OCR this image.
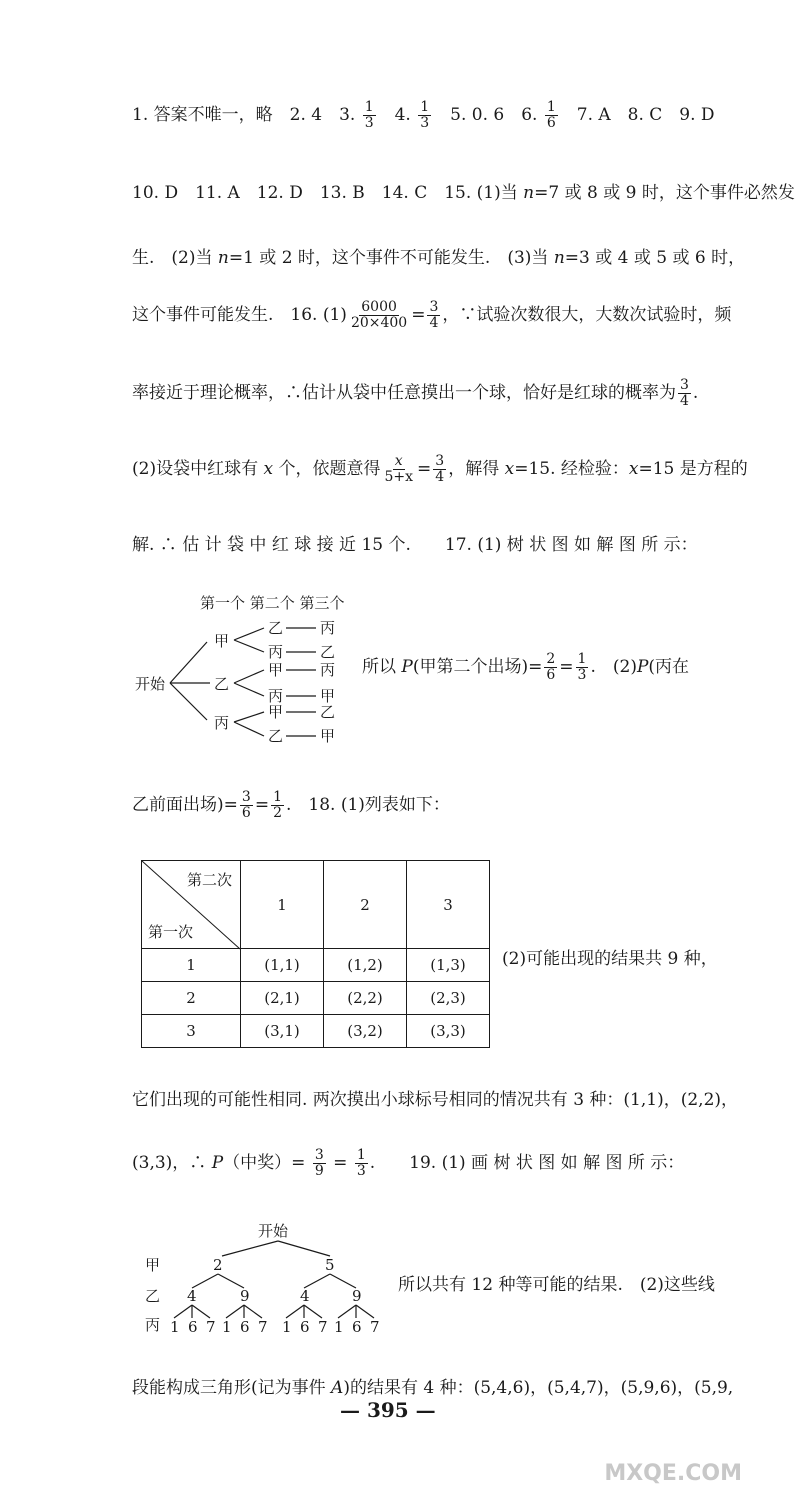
1. 答案不唯一，略　2. 4　3. $\frac{1}{3}$ 　4. $\frac{1}{3}$ 　5. 0. 6　6. $\frac{1}{6}$ 　7. A　8. C　9. D
10. D　11. A　12. D　13. B　14. C　15. (1)当 n=7 或 8 或 9 时，这个事件必然发
生.　(2)当 n=1 或 2 时，这个事件不可能发生.　(3)当 n=3 或 4 或 5 或 6 时，
这个事件可能发生.　16. $(1) \frac{6000}{20\times 400} = \frac{3}{4}$ ，∵试验次数很大，大数次试验时，频
率接近于理论概率，∴估计从袋中任意摸出一个球，恰好是红球的概率为 $\frac{3}{4}$ .
(2)设袋中红球有 x 个，依题意得 $\frac{x}{5+x} = \frac{3}{4}$ ，解得 x=15. 经检验：x=15 是方程的
解. ∴ 估 计 袋 中 红 球 接 近 15 个.　　17. (1) 树 状 图 如 解 图 所 示：
第一个 第二个 第三个
开始
甲
乙
丙
乙
丙
甲
丙
甲
乙
丙
乙
丙
甲
乙
甲
所以 P(甲第二个出场)= $\frac{2}{6} = \frac{1}{3}$ .　(2)P(丙在
乙前面出场)= $\frac{3}{6} = \frac{1}{2}$ .　18. (1)列表如下：
第二次
第一次	1	2	3
1	(1,1)	(1,2)	(1,3)
2	(2,1)	(2,2)	(2,3)
3	(3,1)	(3,2)	(3,3)
(2)可能出现的结果共 9 种，
它们出现的可能性相同. 两次摸出小球标号相同的情况共有 3 种：(1,1)，(2,2)，
(3,3)，∴ P（中奖）= $\frac{3}{9} = \frac{1}{3}$ .　　19. (1) 画 树 状 图 如 解 图 所 示：
开始
甲
乙
丙
2	5
4	9	4	9
1 6 7 1 6 7 1 6 7 1 6 7
所以共有 12 种等可能的结果.　(2)这些线
段能构成三角形(记为事件 A)的结果有 4 种：(5,4,6)，(5,4,7)，(5,9,6)，(5,9,
— 395 —
MXQE.COM
